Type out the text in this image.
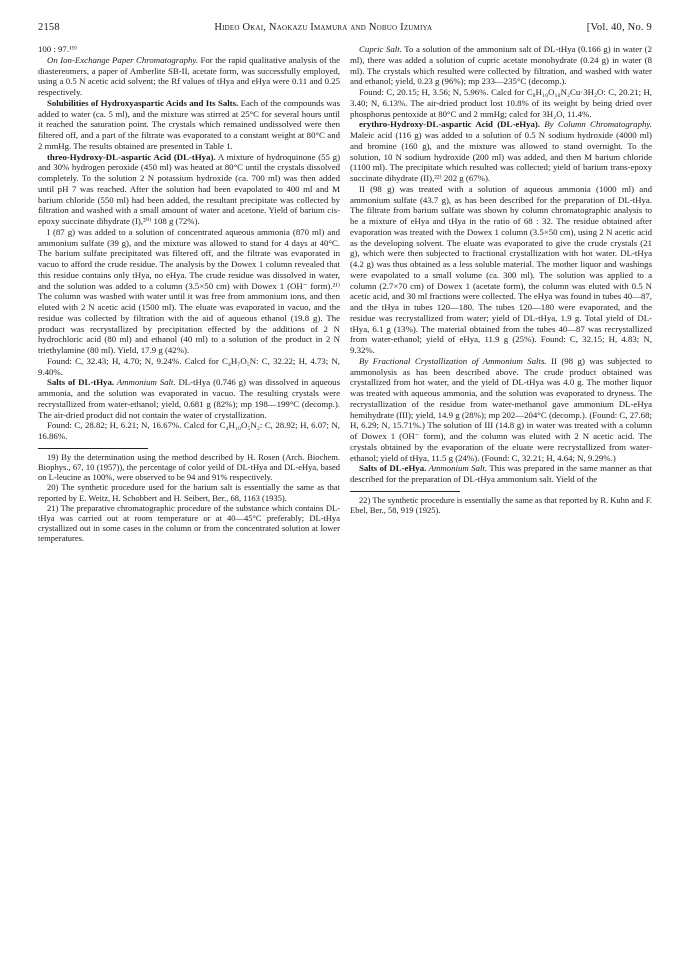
2158	Hideo Okai, Naokazu Imamura and Nobuo Izumiya	[Vol. 40, No. 9

100 : 97.¹⁹⁾

On Ion-Exchange Paper Chromatography. For the rapid qualitative analysis of the diastereomers, a paper of Amberlite SB-II, acetate form, was successfully employed, using a 0.5 N acetic acid solvent; the Rf values of tHya and eHya were 0.11 and 0.25 respectively.

Solubilities of Hydroxyaspartic Acids and Its Salts. Each of the compounds was added to water (ca. 5 ml), and the mixture was stirred at 25°C for several hours until it reached the saturation point. The crystals which remained undissolved were then filtered off, and a part of the filtrate was evaporated to a constant weight at 80°C and 2 mmHg. The results obtained are presented in Table 1.

threo-Hydroxy-DL-aspartic Acid (DL-tHya). A mixture of hydroquinone (55 g) and 30% hydrogen peroxide (450 ml) was heated at 80°C until the crystals dissolved completely. To the solution 2 N potassium hydroxide (ca. 700 ml) was then added until pH 7 was reached. After the solution had been evapolated to 400 ml and M barium chloride (550 ml) had been added, the resultant precipitate was collected by filtration and washed with a small amount of water and acetone. Yield of barium cis-epoxy succinate dihydrate (I),²⁰⁾ 108 g (72%).

I (87 g) was added to a solution of concentrated aqueous ammonia (870 ml) and ammonium sulfate (39 g), and the mixture was allowed to stand for 4 days at 40°C. The barium sulfate precipitated was filtered off, and the filtrate was evaporated in vacuo to afford the crude residue. The analysis by the Dowex 1 column revealed that this residue contains only tHya, no eHya. The crude residue was dissolved in water, and the solution was added to a column (3.5×50 cm) with Dowex 1 (OH⁻ form).²¹⁾ The column was washed with water until it was free from ammonium ions, and then eluted with 2 N acetic acid (1500 ml). The eluate was evaporated in vacuo, and the residue was collected by filtration with the aid of aqueous ethanol (19.8 g). The product was recrystallized by precipitation effected by the additions of 2 N hydrochloric acid (80 ml) and ethanol (40 ml) to a solution of the product in 2 N triethylamine (80 ml). Yield, 17.9 g (42%).

Found: C, 32.43; H, 4.70; N, 9.24%. Calcd for C₄H₇O₅N: C, 32.22; H, 4.73; N, 9.40%.

Salts of DL-tHya. Ammonium Salt. DL-tHya (0.746 g) was dissolved in aqueous ammonia, and the solution was evaporated in vacuo. The resulting crystals were recrystallized from water-ethanol; yield, 0.681 g (82%); mp 198—199°C (decomp.). The air-dried product did not contain the water of crystallization.

Found: C, 28.82; H, 6.21; N, 16.67%. Calcd for C₄H₁₀O₅N₂: C, 28.92; H, 6.07; N, 16.86%.

19) By the determination using the method described by H. Rosen (Arch. Biochem. Biophys., 67, 10 (1957)), the percentage of color yeild of DL-tHya and DL-eHya, based on L-leucine as 100%, were observed to be 94 and 91% respectively.

20) The synthetic procedure used for the barium salt is essentially the same as that reported by E. Weitz, H. Schobbert and H. Seibert, Ber., 68, 1163 (1935).

21) The preparative chromatographic procedure of the substance which contains DL-tHya was carried out at room temperature or at 40—45°C preferably; DL-tHya crystallized out in some cases in the column or from the concentrated solution at lower temperatures.

Cupric Salt. To a solution of the ammonium salt of DL-tHya (0.166 g) in water (2 ml), there was added a solution of cupric acetate monohydrate (0.24 g) in water (8 ml). The crystals which resulted were collected by filtration, and washed with water and ethanol; yield, 0.23 g (96%); mp 233—235°C (decomp.).

Found: C, 20.15; H, 3.56; N, 5.96%. Calcd for C₈H₁₀O₁₀N₂Cu·3H₂O: C, 20.21; H, 3.40; N, 6.13%. The air-dried product lost 10.8% of its weight by being dried over phosphorus pentoxide at 80°C and 2 mmHg; calcd for 3H₂O, 11.4%.

erythro-Hydroxy-DL-aspartic Acid (DL-eHya). By Column Chromatography. Maleic acid (116 g) was added to a solution of 0.5 N sodium hydroxide (4000 ml) and bromine (160 g), and the mixture was allowed to stand overnight. To the solution, 10 N sodium hydroxide (200 ml) was added, and then M barium chloride (1100 ml). The precipitate which resulted was collected; yield of barium trans-epoxy succinate dihydrate (II),²²⁾ 202 g (67%).

II (98 g) was treated with a solution of aqueous ammonia (1000 ml) and ammonium sulfate (43.7 g), as has been described for the preparation of DL-tHya. The filtrate from barium sulfate was shown by column chromatographic analysis to be a mixture of eHya and tHya in the ratio of 68 : 32. The residue obtained after evaporation was treated with the Dowex 1 column (3.5×50 cm), using 2 N acetic acid as the developing solvent. The eluate was evaporated to give the crude crystals (21 g), which were then subjected to fractional crystallization with hot water. DL-tHya (4.2 g) was thus obtained as a less soluble material. The mother liquor and washings were evapolated to a small volume (ca. 300 ml). The solution was applied to a column (2.7×70 cm) of Dowex 1 (acetate form), the column was eluted with 0.5 N acetic acid, and 30 ml fractions were collected. The eHya was found in tubes 40—87, and the tHya in tubes 120—180. The tubes 120—180 were evaporated, and the residue was recrystallized from water; yield of DL-tHya, 1.9 g. Total yield of DL-tHya, 6.1 g (13%). The material obtained from the tubes 40—87 was recrystallized from water-ethanol; yield of eHya, 11.9 g (25%). Found: C, 32.15; H, 4.83; N, 9.32%.

By Fractional Crystallization of Ammonium Salts. II (98 g) was subjected to ammonolysis as has been described above. The crude product obtained was crystallized from hot water, and the yield of DL-tHya was 4.0 g. The mother liquor was treated with aqueous ammonia, and the solution was evaporated to dryness. The recrystallization of the residue from water-methanol gave ammonium DL-eHya hemihydrate (III); yield, 14.9 g (28%); mp 202—204°C (decomp.). (Found: C, 27.68; H, 6.29; N, 15.71%.) The solution of III (14.8 g) in water was treated with a column of Dowex 1 (OH⁻ form), and the column was eluted with 2 N acetic acid. The crystals obtained by the evaporation of the eluate were recrystallized from water-ethanol; yield of tHya, 11.5 g (24%). (Found: C, 32.21; H, 4.64; N, 9.29%.)

Salts of DL-eHya. Ammonium Salt. This was prepared in the same manner as that described for the preparation of DL-tHya ammonium salt. Yield of the

22) The synthetic procedure is essentially the same as that reported by R. Kuhn and F. Ebel, Ber., 58, 919 (1925).
